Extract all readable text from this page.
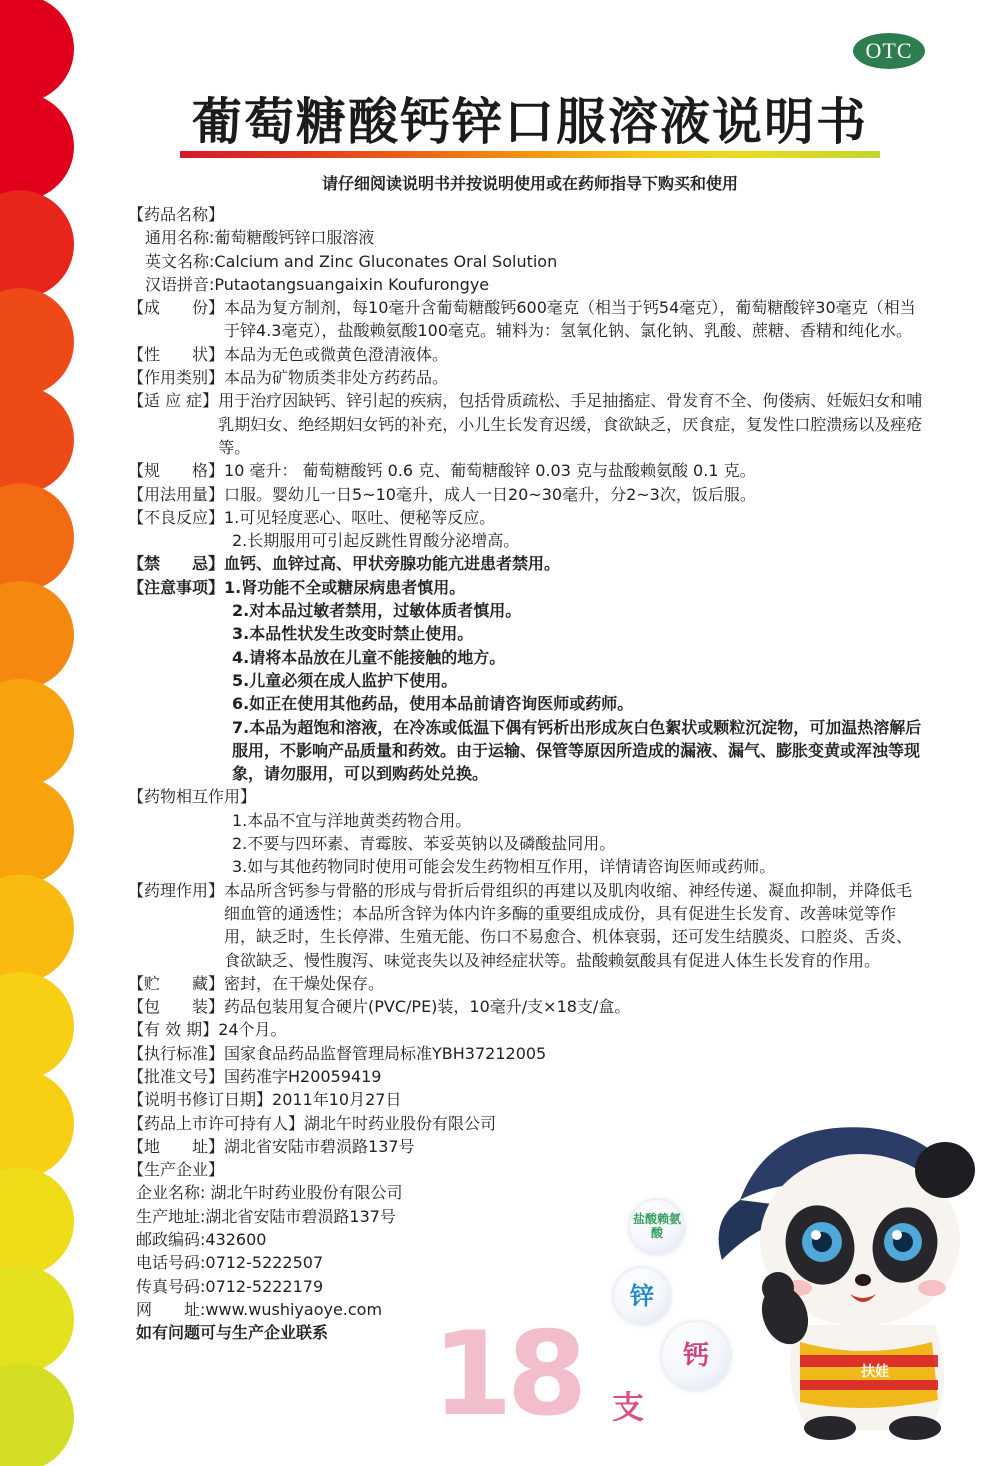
OTC
葡萄糖酸钙锌口服溶液说明书
请仔细阅读说明书并按说明使用或在药师指导下购买和使用
【药品名称】
通用名称:葡萄糖酸钙锌口服溶液
英文名称:Calcium and Zinc Gluconates Oral Solution
汉语拼音:Putaotangsuangaixin Koufurongye
【成　　份】 本品为复方制剂，每10毫升含葡萄糖酸钙600毫克（相当于钙54毫克），葡萄糖酸锌30毫克（相当于锌4.3毫克），盐酸赖氨酸100毫克。辅料为：氢氧化钠、氯化钠、乳酸、蔗糖、香精和纯化水。
【性　　状】 本品为无色或微黄色澄清液体。
【作用类别】 本品为矿物质类非处方药药品。
【适 应 症】 用于治疗因缺钙、锌引起的疾病，包括骨质疏松、手足抽搐症、骨发育不全、佝偻病、妊娠妇女和哺乳期妇女、绝经期妇女钙的补充，小儿生长发育迟缓，食欲缺乏，厌食症，复发性口腔溃疡以及痤疮等。
【规　　格】 10 毫升： 葡萄糖酸钙 0.6 克、葡萄糖酸锌 0.03 克与盐酸赖氨酸 0.1 克。
【用法用量】 口服。婴幼儿一日5~10毫升，成人一日20~30毫升，分2~3次，饭后服。
【不良反应】 1.可见轻度恶心、呕吐、便秘等反应。
2.长期服用可引起反跳性胃酸分泌增高。
【禁　　忌】 血钙、血锌过高、甲状旁腺功能亢进患者禁用。
【注意事项】 1.肾功能不全或糖尿病患者慎用。
2.对本品过敏者禁用，过敏体质者慎用。
3.本品性状发生改变时禁止使用。
4.请将本品放在儿童不能接触的地方。
5.儿童必须在成人监护下使用。
6.如正在使用其他药品，使用本品前请咨询医师或药师。
7.本品为超饱和溶液，在冷冻或低温下偶有钙析出形成灰白色絮状或颗粒沉淀物，可加温热溶解后服用，不影响产品质量和药效。由于运输、保管等原因所造成的漏液、漏气、膨胀变黄或浑浊等现象，请勿服用，可以到购药处兑换。
【药物相互作用】
1.本品不宜与洋地黄类药物合用。
2.不要与四环素、青霉胺、苯妥英钠以及磷酸盐同用。
3.如与其他药物同时使用可能会发生药物相互作用，详情请咨询医师或药师。
【药理作用】 本品所含钙参与骨骼的形成与骨折后骨组织的再建以及肌肉收缩、神经传递、凝血抑制，并降低毛细血管的通透性；本品所含锌为体内许多酶的重要组成成份，具有促进生长发育、改善味觉等作用，缺乏时，生长停滞、生殖无能、伤口不易愈合、机体衰弱，还可发生结膜炎、口腔炎、舌炎、食欲缺乏、慢性腹泻、味觉丧失以及神经症状等。盐酸赖氨酸具有促进人体生长发育的作用。
【贮　　藏】 密封，在干燥处保存。
【包　　装】 药品包装用复合硬片(PVC/PE)装，10毫升/支×18支/盒。
【有 效 期】 24个月。
【执行标准】 国家食品药品监督管理局标准YBH37212005
【批准文号】 国药准字H20059419
【说明书修订日期】 2011年10月27日
【药品上市许可持有人】 湖北午时药业股份有限公司
【地　　址】 湖北省安陆市碧涢路137号
【生产企业】
企业名称: 湖北午时药业股份有限公司
生产地址:湖北省安陆市碧涢路137号
邮政编码:432600
电话号码:0712-5222507
传真号码:0712-5222179
网　　址:www.wushiyaoye.com
如有问题可与生产企业联系 18 支
盐酸赖氨酸
锌
钙
扶娃
